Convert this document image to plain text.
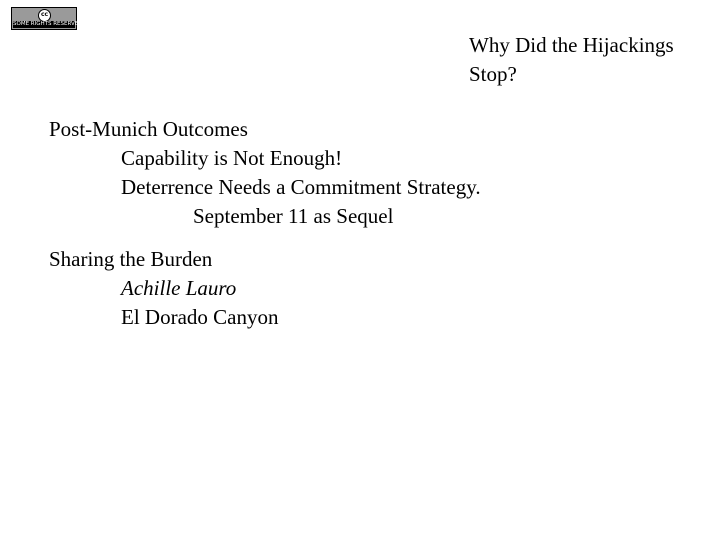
cc
SOME RIGHTS RESERVED
Why Did the Hijackings Stop?
Post-Munich Outcomes
Capability is Not Enough!
Deterrence Needs a Commitment Strategy.
September 11 as Sequel
Sharing the Burden
Achille Lauro
El Dorado Canyon
